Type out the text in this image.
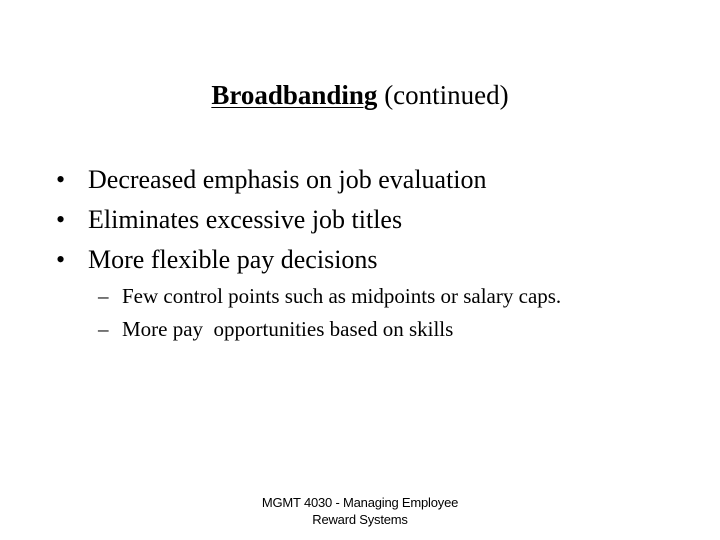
Broadbanding (continued)
• Decreased emphasis on job evaluation
• Eliminates excessive job titles
• More flexible pay decisions
– Few control points such as midpoints or salary caps.
– More pay  opportunities based on skills
MGMT 4030 - Managing Employee
Reward Systems
